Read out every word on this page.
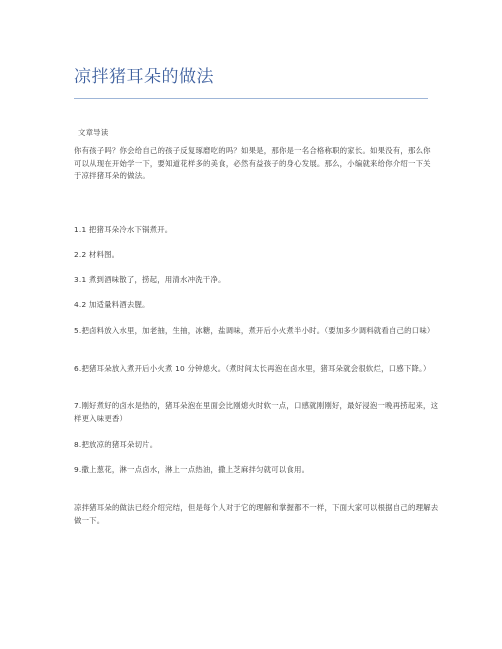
凉拌猪耳朵的做法
文章导读
你有孩子吗？你会给自己的孩子反复琢磨吃的吗？如果是，那你是一名合格称职的家长。如果没有，那么你可以从现在开始学一下，要知道花样多的美食，必然有益孩子的身心发展。那么，小编就来给你介绍一下关于凉拌猪耳朵的做法。
1.1 把猪耳朵冷水下锅煮开。
2.2 材料图。
3.1 煮到酒味散了，捞起，用清水冲洗干净。
4.2 加适量料酒去腥。
5.把卤料放入水里，加老抽，生抽，冰糖，盐调味，煮开后小火煮半小时。（要加多少调料就看自己的口味）
6.把猪耳朵放入煮开后小火煮 10 分钟熄火。（煮时间太长再泡在卤水里，猪耳朵就会很软烂，口感下降。）
7.刚好煮好的卤水是热的，猪耳朵泡在里面会比刚熄火时软一点，口感就刚刚好，最好浸泡一晚再捞起来，这样更入味更香）
8.把放凉的猪耳朵切片。
9.撒上葱花，淋一点卤水，淋上一点热油，撒上芝麻拌匀就可以食用。
凉拌猪耳朵的做法已经介绍完结，但是每个人对于它的理解和掌握都不一样，下面大家可以根据自己的理解去做一下。
